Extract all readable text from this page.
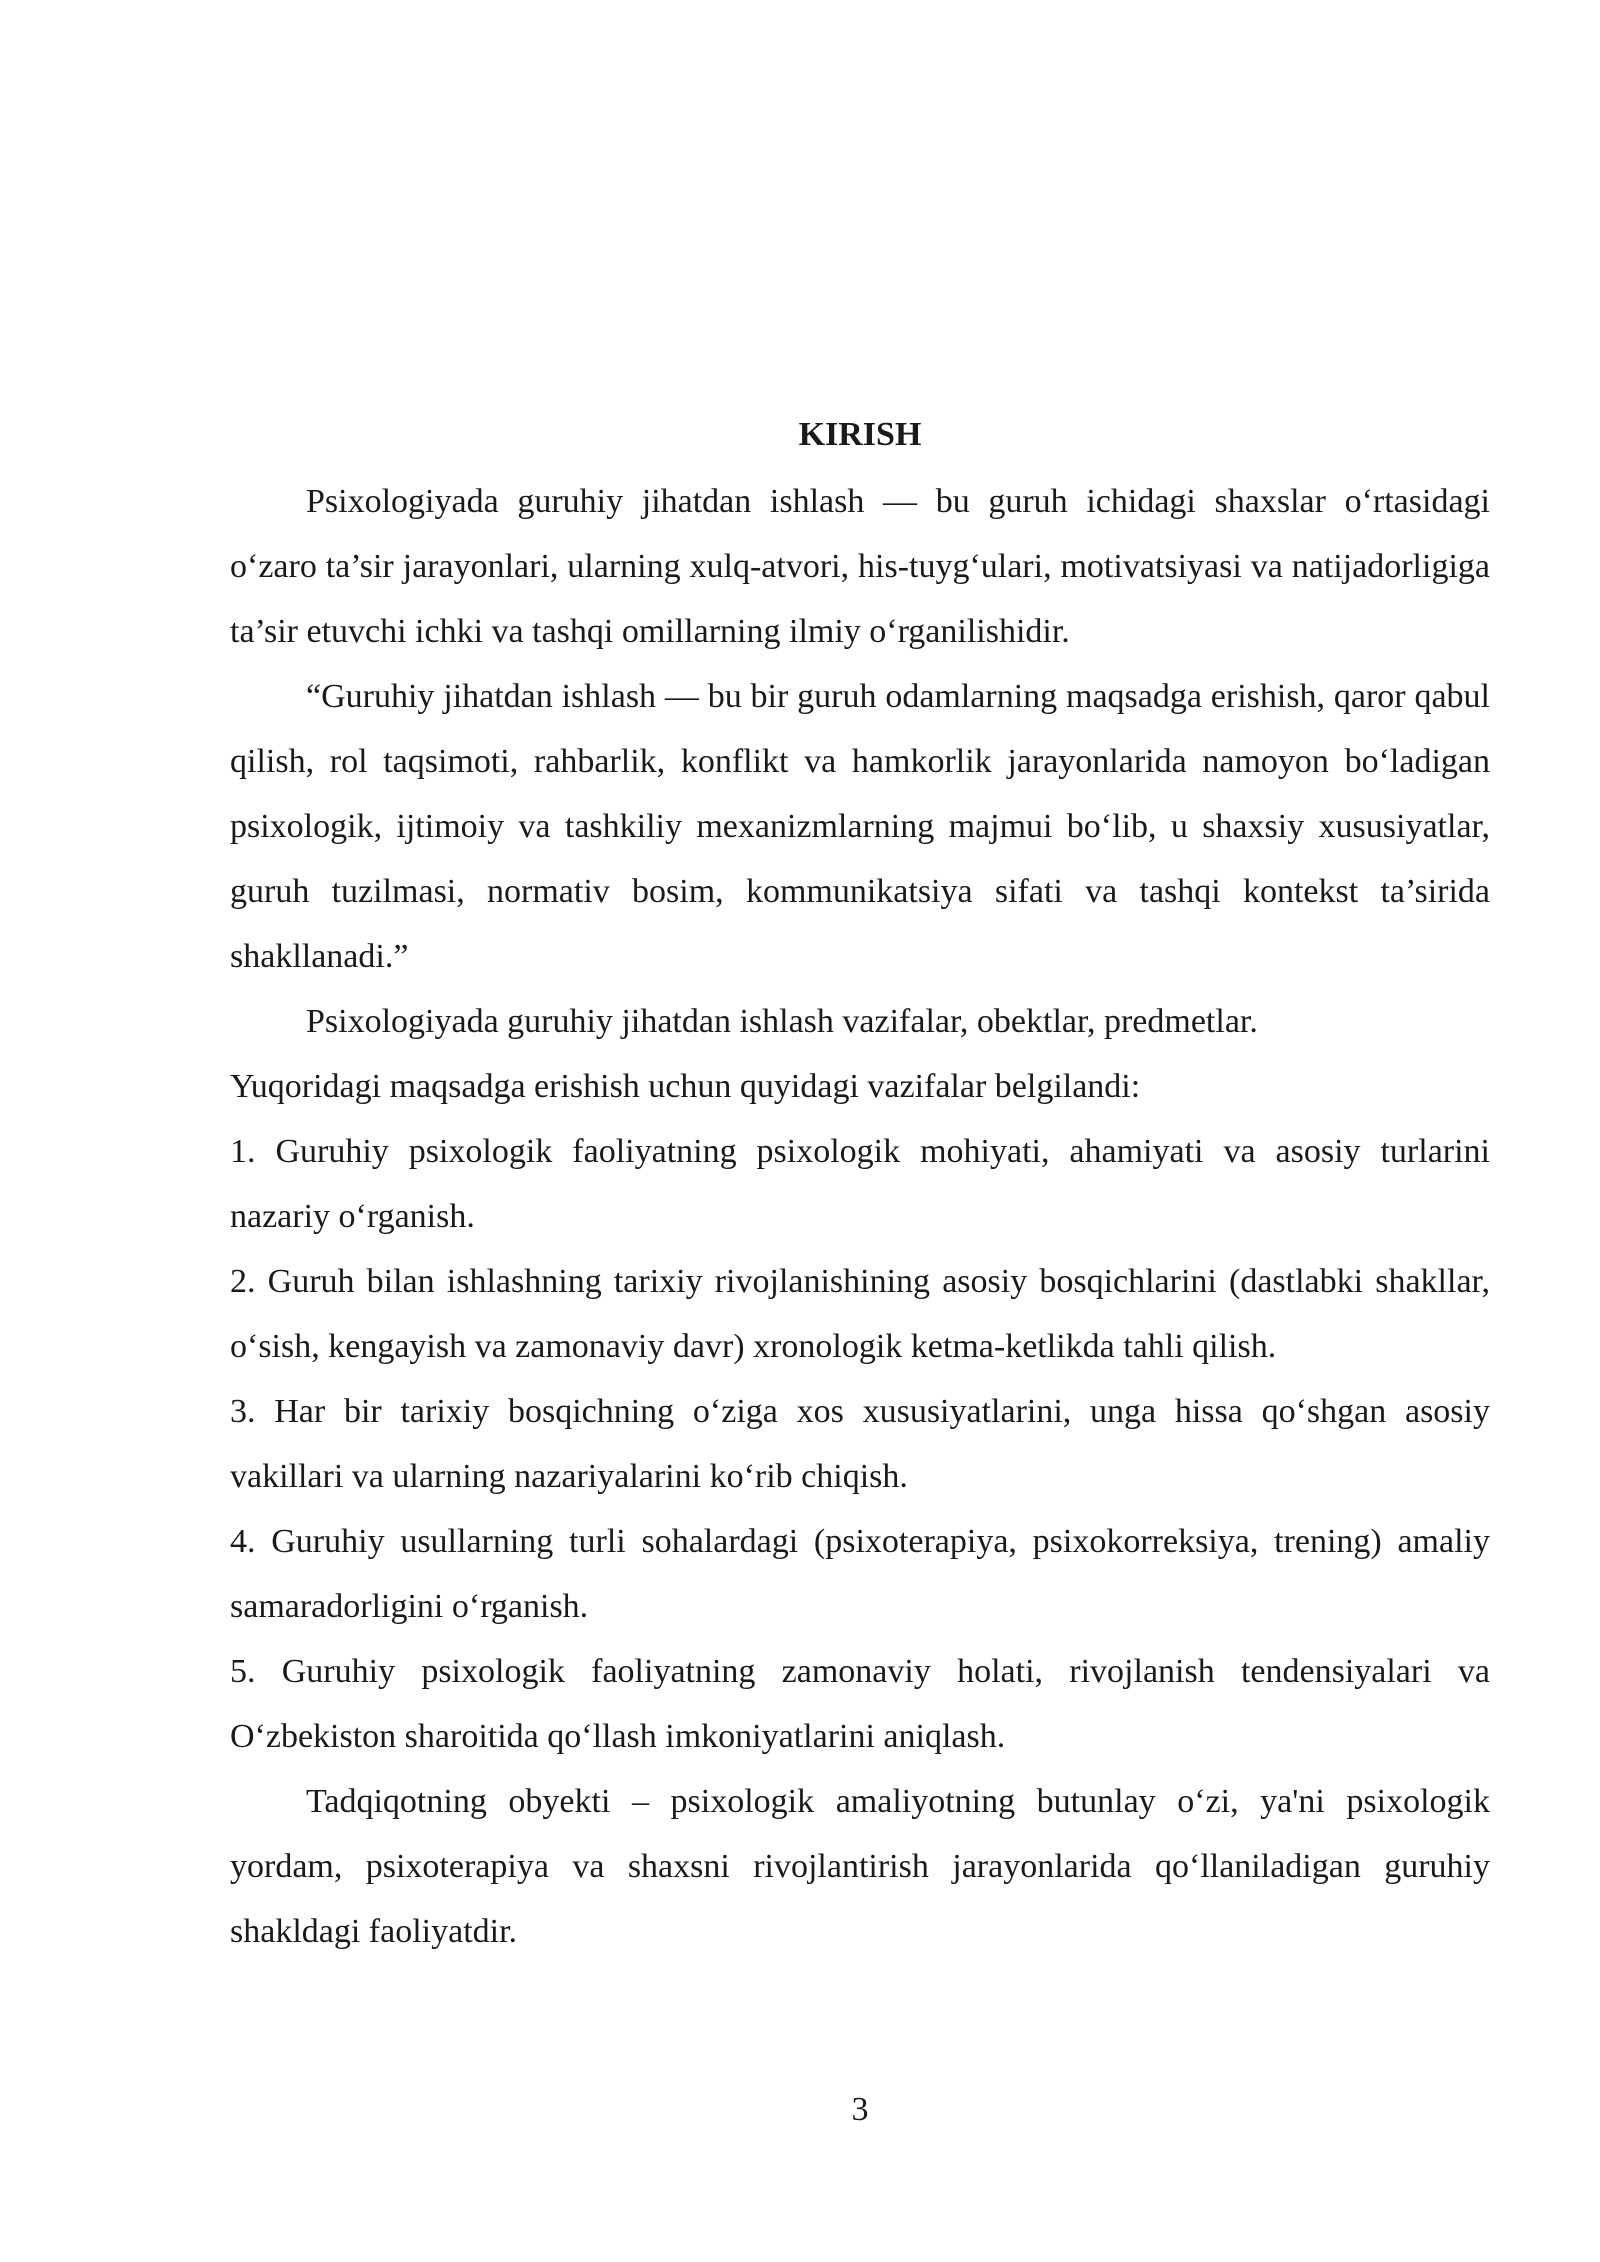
KIRISH

Psixologiyada guruhiy jihatdan ishlash — bu guruh ichidagi shaxslar o‘rtasidagi o‘zaro ta’sir jarayonlari, ularning xulq-atvori, his-tuyg‘ulari, motivatsiyasi va natijadorligiga ta’sir etuvchi ichki va tashqi omillarning ilmiy o‘rganilishidir.

“Guruhiy jihatdan ishlash — bu bir guruh odamlarning maqsadga erishish, qaror qabul qilish, rol taqsimoti, rahbarlik, konflikt va hamkorlik jarayonlarida namoyon bo‘ladigan psixologik, ijtimoiy va tashkiliy mexanizmlarning majmui bo‘lib, u shaxsiy xususiyatlar, guruh tuzilmasi, normativ bosim, kommunikatsiya sifati va tashqi kontekst ta’sirida shakllanadi.”

Psixologiyada guruhiy jihatdan ishlash vazifalar, obektlar, predmetlar.

Yuqoridagi maqsadga erishish uchun quyidagi vazifalar belgilandi:

1. Guruhiy psixologik faoliyatning psixologik mohiyati, ahamiyati va asosiy turlarini nazariy o‘rganish.

2. Guruh bilan ishlashning tarixiy rivojlanishining asosiy bosqichlarini (dastlabki shakllar, o‘sish, kengayish va zamonaviy davr) xronologik ketma-ketlikda tahli qilish.

3. Har bir tarixiy bosqichning o‘ziga xos xususiyatlarini, unga hissa qo‘shgan asosiy vakillari va ularning nazariyalarini ko‘rib chiqish.

4. Guruhiy usullarning turli sohalardagi (psixoterapiya, psixokorreksiya, trening) amaliy samaradorligini o‘rganish.

5. Guruhiy psixologik faoliyatning zamonaviy holati, rivojlanish tendensiyalari va O‘zbekiston sharoitida qo‘llash imkoniyatlarini aniqlash.

Tadqiqotning obyekti – psixologik amaliyotning butunlay o‘zi, ya'ni psixologik yordam, psixoterapiya va shaxsni rivojlantirish jarayonlarida qo‘llaniladigan guruhiy shakldagi faoliyatdir.

3
